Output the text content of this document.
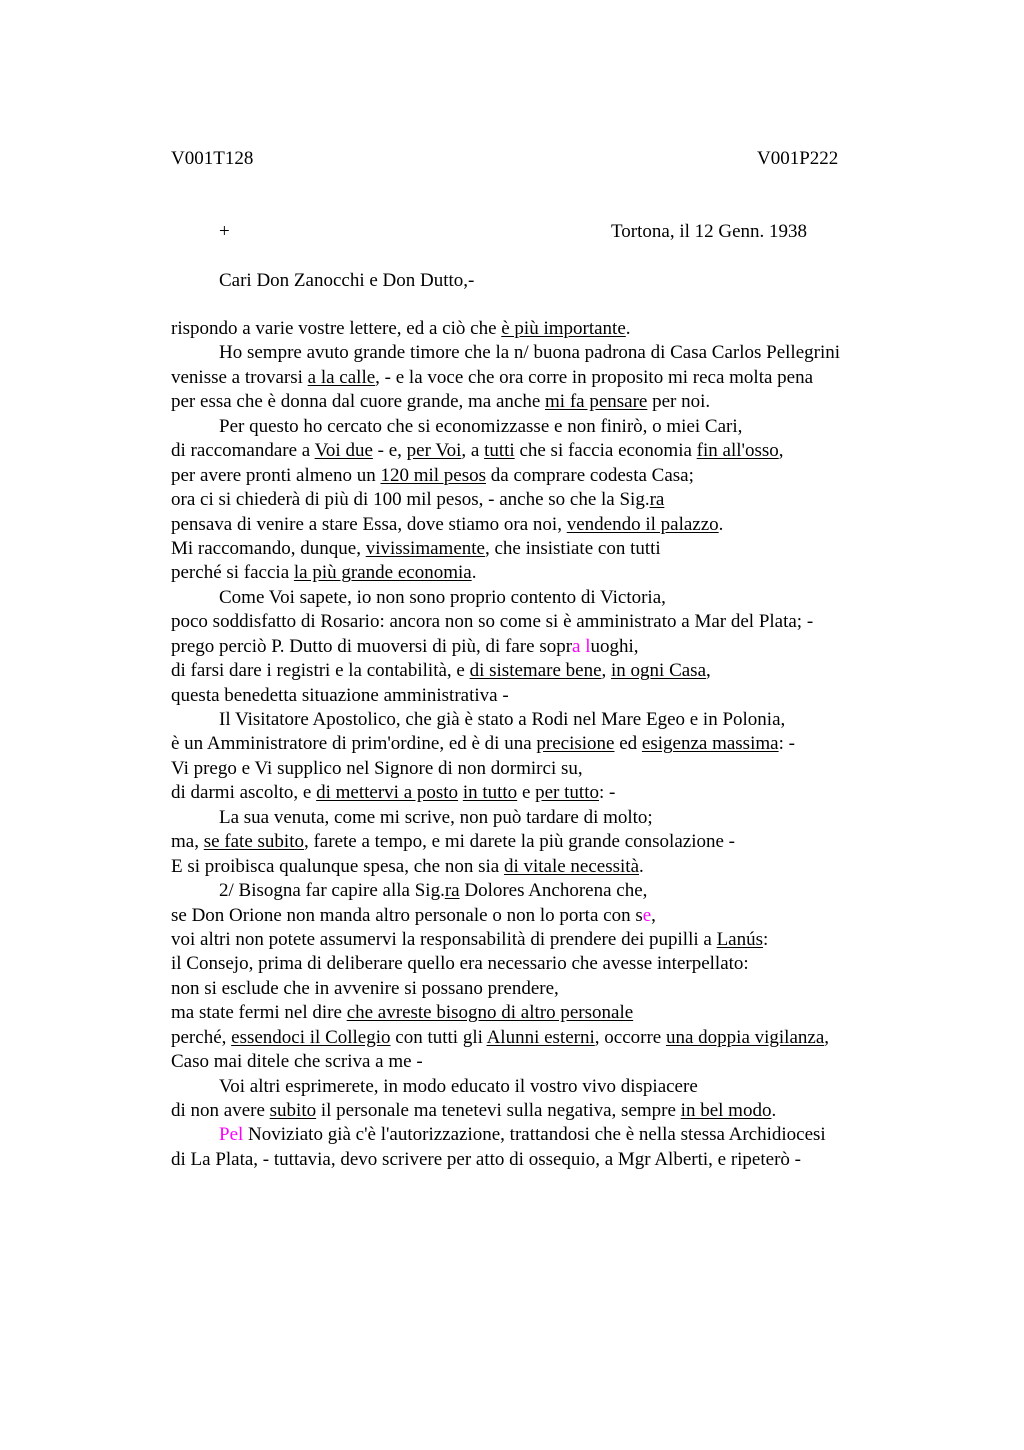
V001T128	V001P222
+	Tortona, il 12 Genn. 1938
Cari Don Zanocchi e Don Dutto,-
rispondo a varie vostre lettere, ed a ciò che è più importante.
Ho sempre avuto grande timore che la n/ buona padrona di Casa Carlos Pellegrini
venisse a trovarsi a la calle, - e la voce che ora corre in proposito mi reca molta pena
per essa che è donna dal cuore grande, ma anche mi fa pensare per noi.
Per questo ho cercato che si economizzasse e non finirò, o miei Cari,
di raccomandare a Voi due - e, per Voi, a tutti che si faccia economia fin all'osso,
per avere pronti almeno un 120 mil pesos da comprare codesta Casa;
ora ci si chiederà di più di 100 mil pesos, - anche so che la Sig.ra
pensava di venire a stare Essa, dove stiamo ora noi, vendendo il palazzo.
Mi raccomando, dunque, vivissimamente, che insistiate con tutti
perché si faccia la più grande economia.
Come Voi sapete, io non sono proprio contento di Victoria,
poco soddisfatto di Rosario: ancora non so come si è amministrato a Mar del Plata; -
prego perciò P. Dutto di muoversi di più, di fare sopra luoghi,
di farsi dare i registri e la contabilità, e di sistemare bene, in ogni Casa,
questa benedetta situazione amministrativa -
Il Visitatore Apostolico, che già è stato a Rodi nel Mare Egeo e in Polonia,
è un Amministratore di prim'ordine, ed è di una precisione ed esigenza massima: -
Vi prego e Vi supplico nel Signore di non dormirci su,
di darmi ascolto, e di mettervi a posto in tutto e per tutto: -
La sua venuta, come mi scrive, non può tardare di molto;
ma, se fate subito, farete a tempo, e mi darete la più grande consolazione -
E si proibisca qualunque spesa, che non sia di vitale necessità.
2/ Bisogna far capire alla Sig.ra Dolores Anchorena che,
se Don Orione non manda altro personale o non lo porta con se,
voi altri non potete assumervi la responsabilità di prendere dei pupilli a Lanús:
il Consejo, prima di deliberare quello era necessario che avesse interpellato:
non si esclude che in avvenire si possano prendere,
ma state fermi nel dire che avreste bisogno di altro personale
perché, essendoci il Collegio con tutti gli Alunni esterni, occorre una doppia vigilanza,
Caso mai ditele che scriva a me -
Voi altri esprimerete, in modo educato il vostro vivo dispiacere
di non avere subito il personale ma tenetevi sulla negativa, sempre in bel modo.
Pel Noviziato già c'è l'autorizzazione, trattandosi che è nella stessa Archidiocesi
di La Plata, - tuttavia, devo scrivere per atto di ossequio, a Mgr Alberti, e ripeterò -
